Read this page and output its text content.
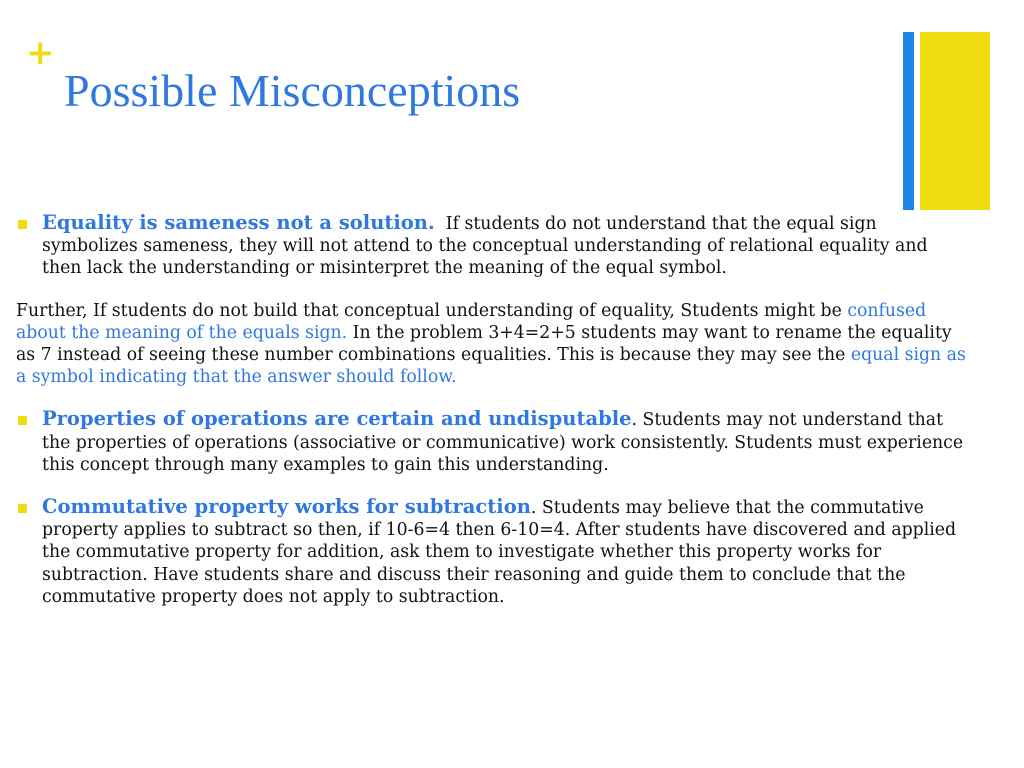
+
Possible Misconceptions

Equality is sameness not a solution. If students do not understand that the equal sign symbolizes sameness, they will not attend to the conceptual understanding of relational equality and then lack the understanding or misinterpret the meaning of the equal symbol.

Further, If students do not build that conceptual understanding of equality, Students might be confused about the meaning of the equals sign. In the problem 3+4=2+5 students may want to rename the equality as 7 instead of seeing these number combinations equalities. This is because they may see the equal sign as a symbol indicating that the answer should follow.

Properties of operations are certain and undisputable. Students may not understand that the properties of operations (associative or communicative) work consistently. Students must experience this concept through many examples to gain this understanding.

Commutative property works for subtraction. Students may believe that the commutative property applies to subtract so then, if 10-6=4 then 6-10=4. After students have discovered and applied the commutative property for addition, ask them to investigate whether this property works for subtraction. Have students share and discuss their reasoning and guide them to conclude that the commutative property does not apply to subtraction.
